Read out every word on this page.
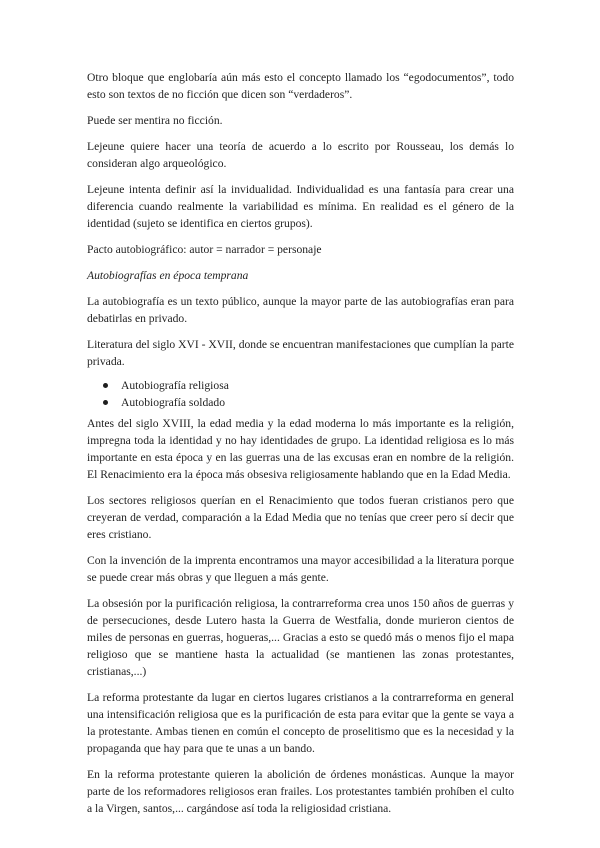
Otro bloque que englobaría aún más esto el concepto llamado los “egodocumentos”, todo esto son textos de no ficción que dicen son “verdaderos”.

Puede ser mentira no ficción.

Lejeune quiere hacer una teoría de acuerdo a lo escrito por Rousseau, los demás lo consideran algo arqueológico.

Lejeune intenta definir así la invidualidad. Individualidad es una fantasía para crear una diferencia cuando realmente la variabilidad es mínima. En realidad es el género de la identidad (sujeto se identifica en ciertos grupos).

Pacto autobiográfico: autor = narrador = personaje

Autobiografías en época temprana

La autobiografía es un texto público, aunque la mayor parte de las autobiografías eran para debatirlas en privado.

Literatura del siglo XVI - XVII, donde se encuentran manifestaciones que cumplían la parte privada.

Autobiografía religiosa
Autobiografía soldado

Antes del siglo XVIII, la edad media y la edad moderna lo más importante es la religión, impregna toda la identidad y no hay identidades de grupo. La identidad religiosa es lo más importante en esta época y en las guerras una de las excusas eran en nombre de la religión. El Renacimiento era la época más obsesiva religiosamente hablando que en la Edad Media.

Los sectores religiosos querían en el Renacimiento que todos fueran cristianos pero que creyeran de verdad, comparación a la Edad Media que no tenías que creer pero sí decir que eres cristiano.

Con la invención de la imprenta encontramos una mayor accesibilidad a la literatura porque se puede crear más obras y que lleguen a más gente.

La obsesión por la purificación religiosa, la contrarreforma crea unos 150 años de guerras y de persecuciones, desde Lutero hasta la Guerra de Westfalia, donde murieron cientos de miles de personas en guerras, hogueras,... Gracias a esto se quedó más o menos fijo el mapa religioso que se mantiene hasta la actualidad (se mantienen las zonas protestantes, cristianas,...)

La reforma protestante da lugar en ciertos lugares cristianos a la contrarreforma en general una intensificación religiosa que es la purificación de esta para evitar que la gente se vaya a la protestante. Ambas tienen en común el concepto de proselitismo que es la necesidad y la propaganda que hay para que te unas a un bando.

En la reforma protestante quieren la abolición de órdenes monásticas. Aunque la mayor parte de los reformadores religiosos eran frailes. Los protestantes también prohíben el culto a la Virgen, santos,... cargándose así toda la religiosidad cristiana.
